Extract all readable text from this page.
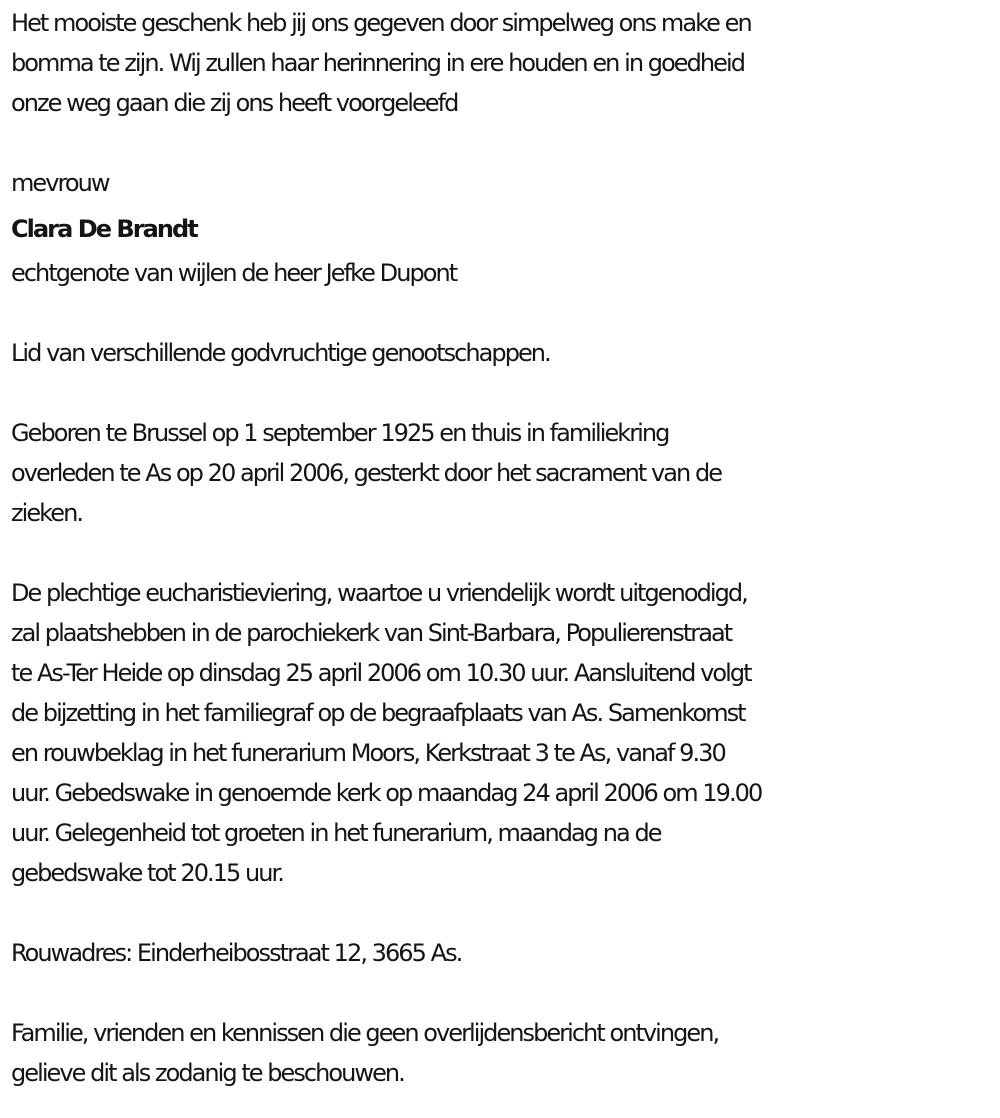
Het mooiste geschenk heb jij ons gegeven door simpelweg ons make en
bomma te zijn. Wij zullen haar herinnering in ere houden en in goedheid
onze weg gaan die zij ons heeft voorgeleefd
mevrouw
Clara De Brandt
echtgenote van wijlen de heer Jefke Dupont
Lid van verschillende godvruchtige genootschappen.
Geboren te Brussel op 1 september 1925 en thuis in familiekring
overleden te As op 20 april 2006, gesterkt door het sacrament van de
zieken.
De plechtige eucharistieviering, waartoe u vriendelijk wordt uitgenodigd,
zal plaatshebben in de parochiekerk van Sint-Barbara, Populierenstraat
te As-Ter Heide op dinsdag 25 april 2006 om 10.30 uur. Aansluitend volgt
de bijzetting in het familiegraf op de begraafplaats van As. Samenkomst
en rouwbeklag in het funerarium Moors, Kerkstraat 3 te As, vanaf 9.30
uur. Gebedswake in genoemde kerk op maandag 24 april 2006 om 19.00
uur. Gelegenheid tot groeten in het funerarium, maandag na de
gebedswake tot 20.15 uur.
Rouwadres: Einderheibosstraat 12, 3665 As.
Familie, vrienden en kennissen die geen overlijdensbericht ontvingen,
gelieve dit als zodanig te beschouwen.
